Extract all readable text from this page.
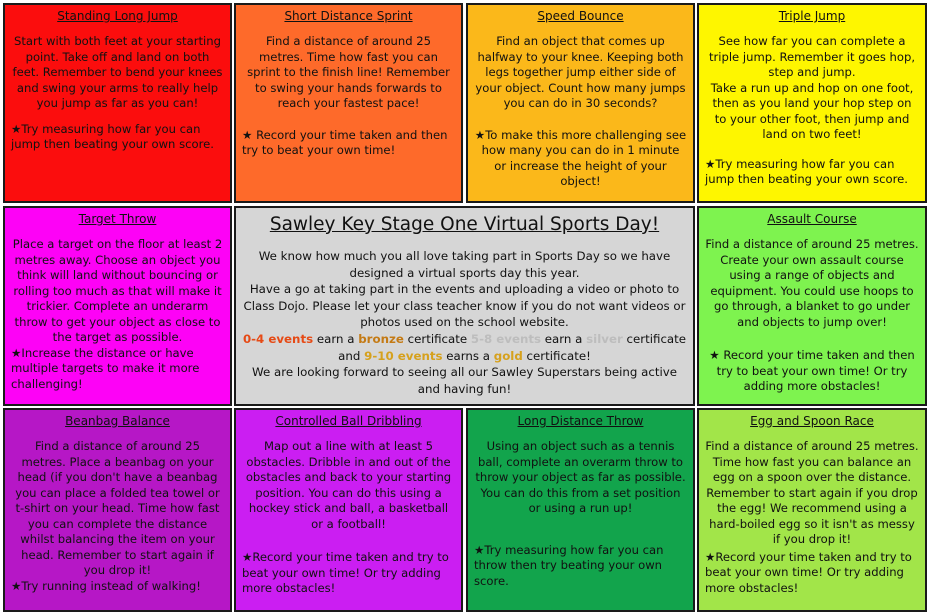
Standing Long Jump

Start with both feet at your starting point. Take off and land on both feet. Remember to bend your knees and swing your arms to really help you jump as far as you can!

★Try measuring how far you can jump then beating your own score.

Short Distance Sprint

Find a distance of around 25 metres. Time how fast you can sprint to the finish line! Remember to swing your hands forwards to reach your fastest pace!

★ Record your time taken and then try to beat your own time!

Speed Bounce

Find an object that comes up halfway to your knee. Keeping both legs together jump either side of your object. Count how many jumps you can do in 30 seconds?

★To make this more challenging see how many you can do in 1 minute or increase the height of your object!

Triple Jump

See how far you can complete a triple jump. Remember it goes hop, step and jump.
Take a run up and hop on one foot, then as you land your hop step on to your other foot, then jump and land on two feet!

★Try measuring how far you can jump then beating your own score.

Target Throw

Place a target on the floor at least 2 metres away. Choose an object you think will land without bouncing or rolling too much as that will make it trickier. Complete an underarm throw to get your object as close to the target as possible.

★Increase the distance or have multiple targets to make it more challenging!

Sawley Key Stage One Virtual Sports Day!

We know how much you all love taking part in Sports Day so we have designed a virtual sports day this year.

Have a go at taking part in the events and uploading a video or photo to Class Dojo. Please let your class teacher know if you do not want videos or photos used on the school website.

0-4 events earn a bronze certificate 5-8 events earn a silver certificate and 9-10 events earns a gold certificate!

We are looking forward to seeing all our Sawley Superstars being active and having fun!

Assault Course

Find a distance of around 25 metres. Create your own assault course using a range of objects and equipment. You could use hoops to go through, a blanket to go under and objects to jump over!

★ Record your time taken and then try to beat your own time! Or try adding more obstacles!

Beanbag Balance

Find a distance of around 25 metres. Place a beanbag on your head (if you don't have a beanbag you can place a folded tea towel or t-shirt on your head. Time how fast you can complete the distance whilst balancing the item on your head. Remember to start again if you drop it!

★Try running instead of walking!

Controlled Ball Dribbling

Map out a line with at least 5 obstacles. Dribble in and out of the obstacles and back to your starting position. You can do this using a hockey stick and ball, a basketball or a football!

★Record your time taken and try to beat your own time! Or try adding more obstacles!

Long Distance Throw

Using an object such as a tennis ball, complete an overarm throw to throw your object as far as possible. You can do this from a set position or using a run up!

★Try measuring how far you can throw then try beating your own score.

Egg and Spoon Race

Find a distance of around 25 metres. Time how fast you can balance an egg on a spoon over the distance. Remember to start again if you drop the egg! We recommend using a hard-boiled egg so it isn't as messy if you drop it!

★Record your time taken and try to beat your own time! Or try adding more obstacles!
